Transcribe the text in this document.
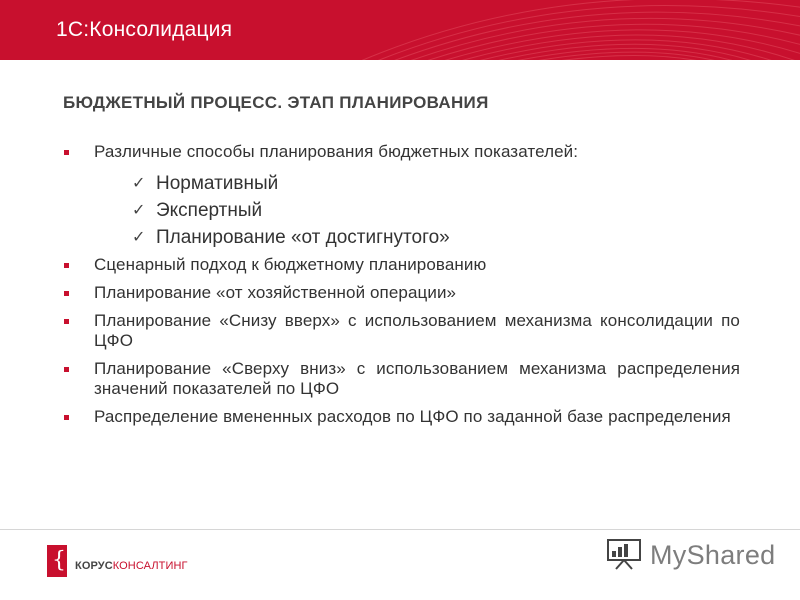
1С:Консолидация
БЮДЖЕТНЫЙ ПРОЦЕСС. ЭТАП ПЛАНИРОВАНИЯ
Различные способы планирования бюджетных показателей:
✓ Нормативный
✓ Экспертный
✓ Планирование «от достигнутого»
Сценарный подход к бюджетному планированию
Планирование «от хозяйственной операции»
Планирование «Снизу вверх» с использованием механизма консолидации по ЦФО
Планирование «Сверху вниз» с использованием механизма распределения значений показателей по ЦФО
Распределение вмененных расходов по ЦФО по заданной базе распределения
{ КОРУСКОНСАЛТИНГ	MyShared
